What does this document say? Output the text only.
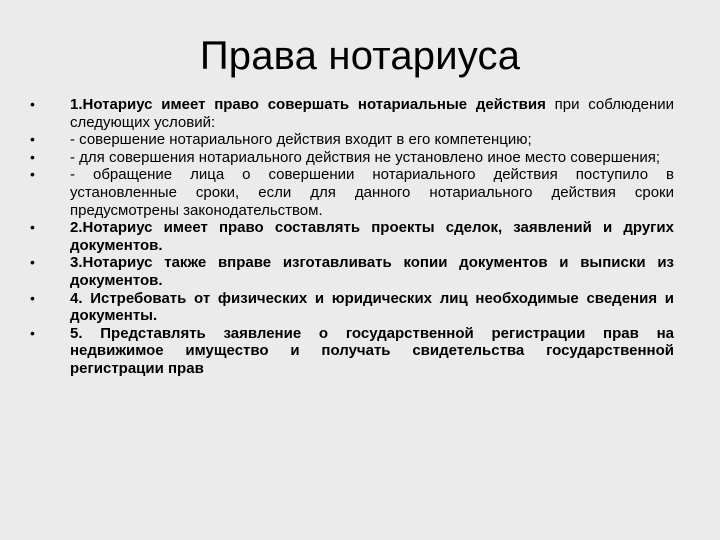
Права нотариуса
•	1.Нотариус имеет право совершать нотариальные действия при соблюдении следующих условий:
•	- совершение нотариального действия входит в его компетенцию;
•	- для совершения нотариального действия не установлено иное место совершения;
•	- обращение лица о совершении нотариального действия поступило в установленные сроки, если для данного нотариального действия сроки предусмотрены законодательством.
•	2.Нотариус имеет право составлять проекты сделок, заявлений и других документов.
•	3.Нотариус также вправе изготавливать копии документов и выписки из документов.
•	4. Истребовать от физических и юридических лиц необходимые сведения и документы.
•	5. Представлять заявление о государственной регистрации прав на недвижимое имущество и получать свидетельства государственной регистрации прав
